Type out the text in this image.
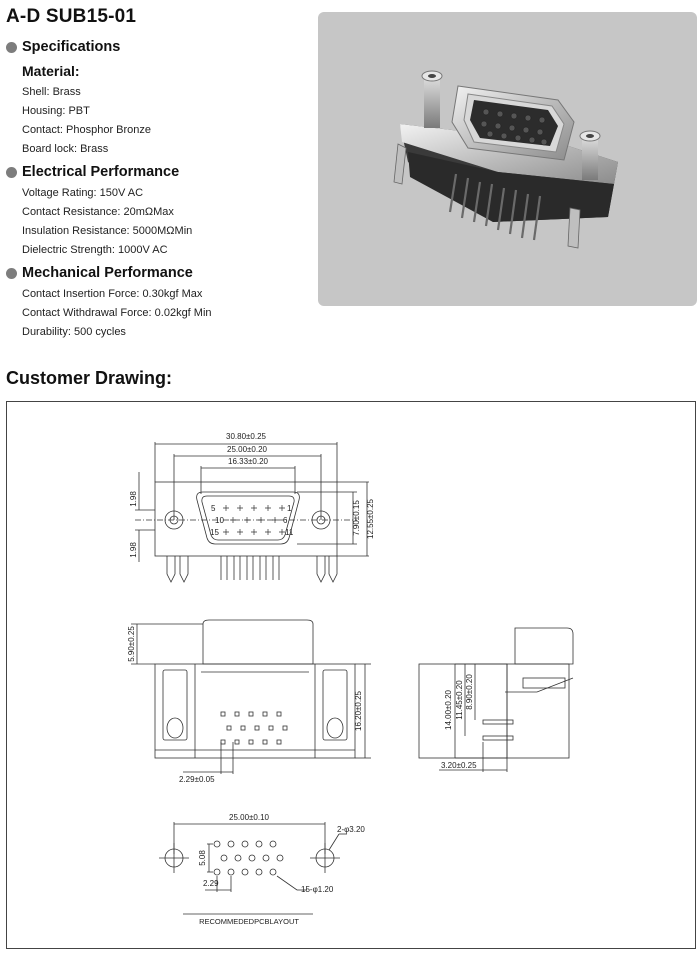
A-D SUB15-01
Specifications
Material:
Shell: Brass
Housing: PBT
Contact: Phosphor Bronze
Board lock: Brass
Electrical Performance
Voltage Rating: 150V AC
Contact Resistance: 20mΩMax
Insulation Resistance: 5000MΩMin
Dielectric Strength: 1000V AC
Mechanical Performance
Contact Insertion Force: 0.30kgf Max
Contact Withdrawal Force: 0.02kgf Min
Durability: 500 cycles
Customer Drawing:
30.80±0.25
25.00±0.20
16.33±0.20
1.98
1.98
7.90±0.15 12.55±0.25
5	1
10	6
15	11
5.90±0.25
16.20±0.25
2.29±0.05
14.00±0.20 11.45±0.20 8.90±0.20
3.20±0.25
25.00±0.10
2-φ3.20
5.08
2.29
15-φ1.20
RECOMMEDEDPCBLAYOUT
